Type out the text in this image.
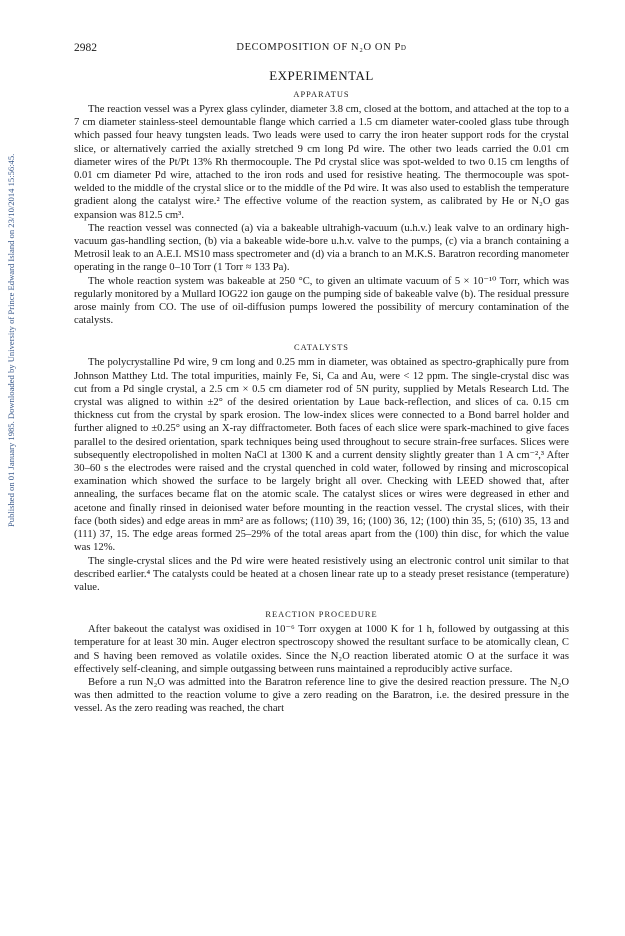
Published on 01 January 1985. Downloaded by University of Prince Edward Island on 23/10/2014 15:56:45.
2982	DECOMPOSITION OF N₂O ON Pd
EXPERIMENTAL
APPARATUS

The reaction vessel was a Pyrex glass cylinder, diameter 3.8 cm, closed at the bottom, and attached at the top to a 7 cm diameter stainless-steel demountable flange which carried a 1.5 cm diameter water-cooled glass tube through which passed four heavy tungsten leads. Two leads were used to carry the iron heater support rods for the crystal slice, or alternatively carried the axially stretched 9 cm long Pd wire. The other two leads carried the 0.01 cm diameter wires of the Pt/Pt 13% Rh thermocouple. The Pd crystal slice was spot-welded to two 0.15 cm lengths of 0.01 cm diameter Pd wire, attached to the iron rods and used for resistive heating. The thermocouple was spot-welded to the middle of the crystal slice or to the middle of the Pd wire. It was also used to establish the temperature gradient along the catalyst wire.² The effective volume of the reaction system, as calibrated by He or N₂O gas expansion was 812.5 cm³.

The reaction vessel was connected (a) via a bakeable ultrahigh-vacuum (u.h.v.) leak valve to an ordinary high-vacuum gas-handling section, (b) via a bakeable wide-bore u.h.v. valve to the pumps, (c) via a branch containing a Metrosil leak to an A.E.I. MS10 mass spectrometer and (d) via a branch to an M.K.S. Baratron recording manometer operating in the range 0–10 Torr (1 Torr ≈ 133 Pa).

The whole reaction system was bakeable at 250 °C, to given an ultimate vacuum of 5 × 10⁻¹⁰ Torr, which was regularly monitored by a Mullard IOG22 ion gauge on the pumping side of bakeable valve (b). The residual pressure arose mainly from CO. The use of oil-diffusion pumps lowered the possibility of mercury contamination of the catalysts.

CATALYSTS

The polycrystalline Pd wire, 9 cm long and 0.25 mm in diameter, was obtained as spectro-graphically pure from Johnson Matthey Ltd. The total impurities, mainly Fe, Si, Ca and Au, were < 12 ppm. The single-crystal disc was cut from a Pd single crystal, a 2.5 cm × 0.5 cm diameter rod of 5N purity, supplied by Metals Research Ltd. The crystal was aligned to within ±2° of the desired orientation by Laue back-reflection, and slices of ca. 0.15 cm thickness cut from the crystal by spark erosion. The low-index slices were connected to a Bond barrel holder and further aligned to ±0.25° using an X-ray diffractometer. Both faces of each slice were spark-machined to give faces parallel to the desired orientation, spark techniques being used throughout to secure strain-free surfaces. Slices were subsequently electropolished in molten NaCl at 1300 K and a current density slightly greater than 1 A cm⁻²,³ After 30–60 s the electrodes were raised and the crystal quenched in cold water, followed by rinsing and microscopical examination which showed the surface to be largely bright all over. Checking with LEED showed that, after annealing, the surfaces became flat on the atomic scale. The catalyst slices or wires were degreased in ether and acetone and finally rinsed in deionised water before mounting in the reaction vessel. The crystal slices, with their face (both sides) and edge areas in mm² are as follows; (110) 39, 16; (100) 36, 12; (100) thin 35, 5; (610) 35, 13 and (111) 37, 15. The edge areas formed 25–29% of the total areas apart from the (100) thin disc, for which the value was 12%.

The single-crystal slices and the Pd wire were heated resistively using an electronic control unit similar to that described earlier.⁴ The catalysts could be heated at a chosen linear rate up to a steady preset resistance (temperature) value.

REACTION PROCEDURE

After bakeout the catalyst was oxidised in 10⁻⁶ Torr oxygen at 1000 K for 1 h, followed by outgassing at this temperature for at least 30 min. Auger electron spectroscopy showed the resultant surface to be atomically clean, C and S having been removed as volatile oxides. Since the N₂O reaction liberated atomic O at the surface it was effectively self-cleaning, and simple outgassing between runs maintained a reproducibly active surface.

Before a run N₂O was admitted into the Baratron reference line to give the desired reaction pressure. The N₂O was then admitted to the reaction volume to give a zero reading on the Baratron, i.e. the desired pressure in the vessel. As the zero reading was reached, the chart
